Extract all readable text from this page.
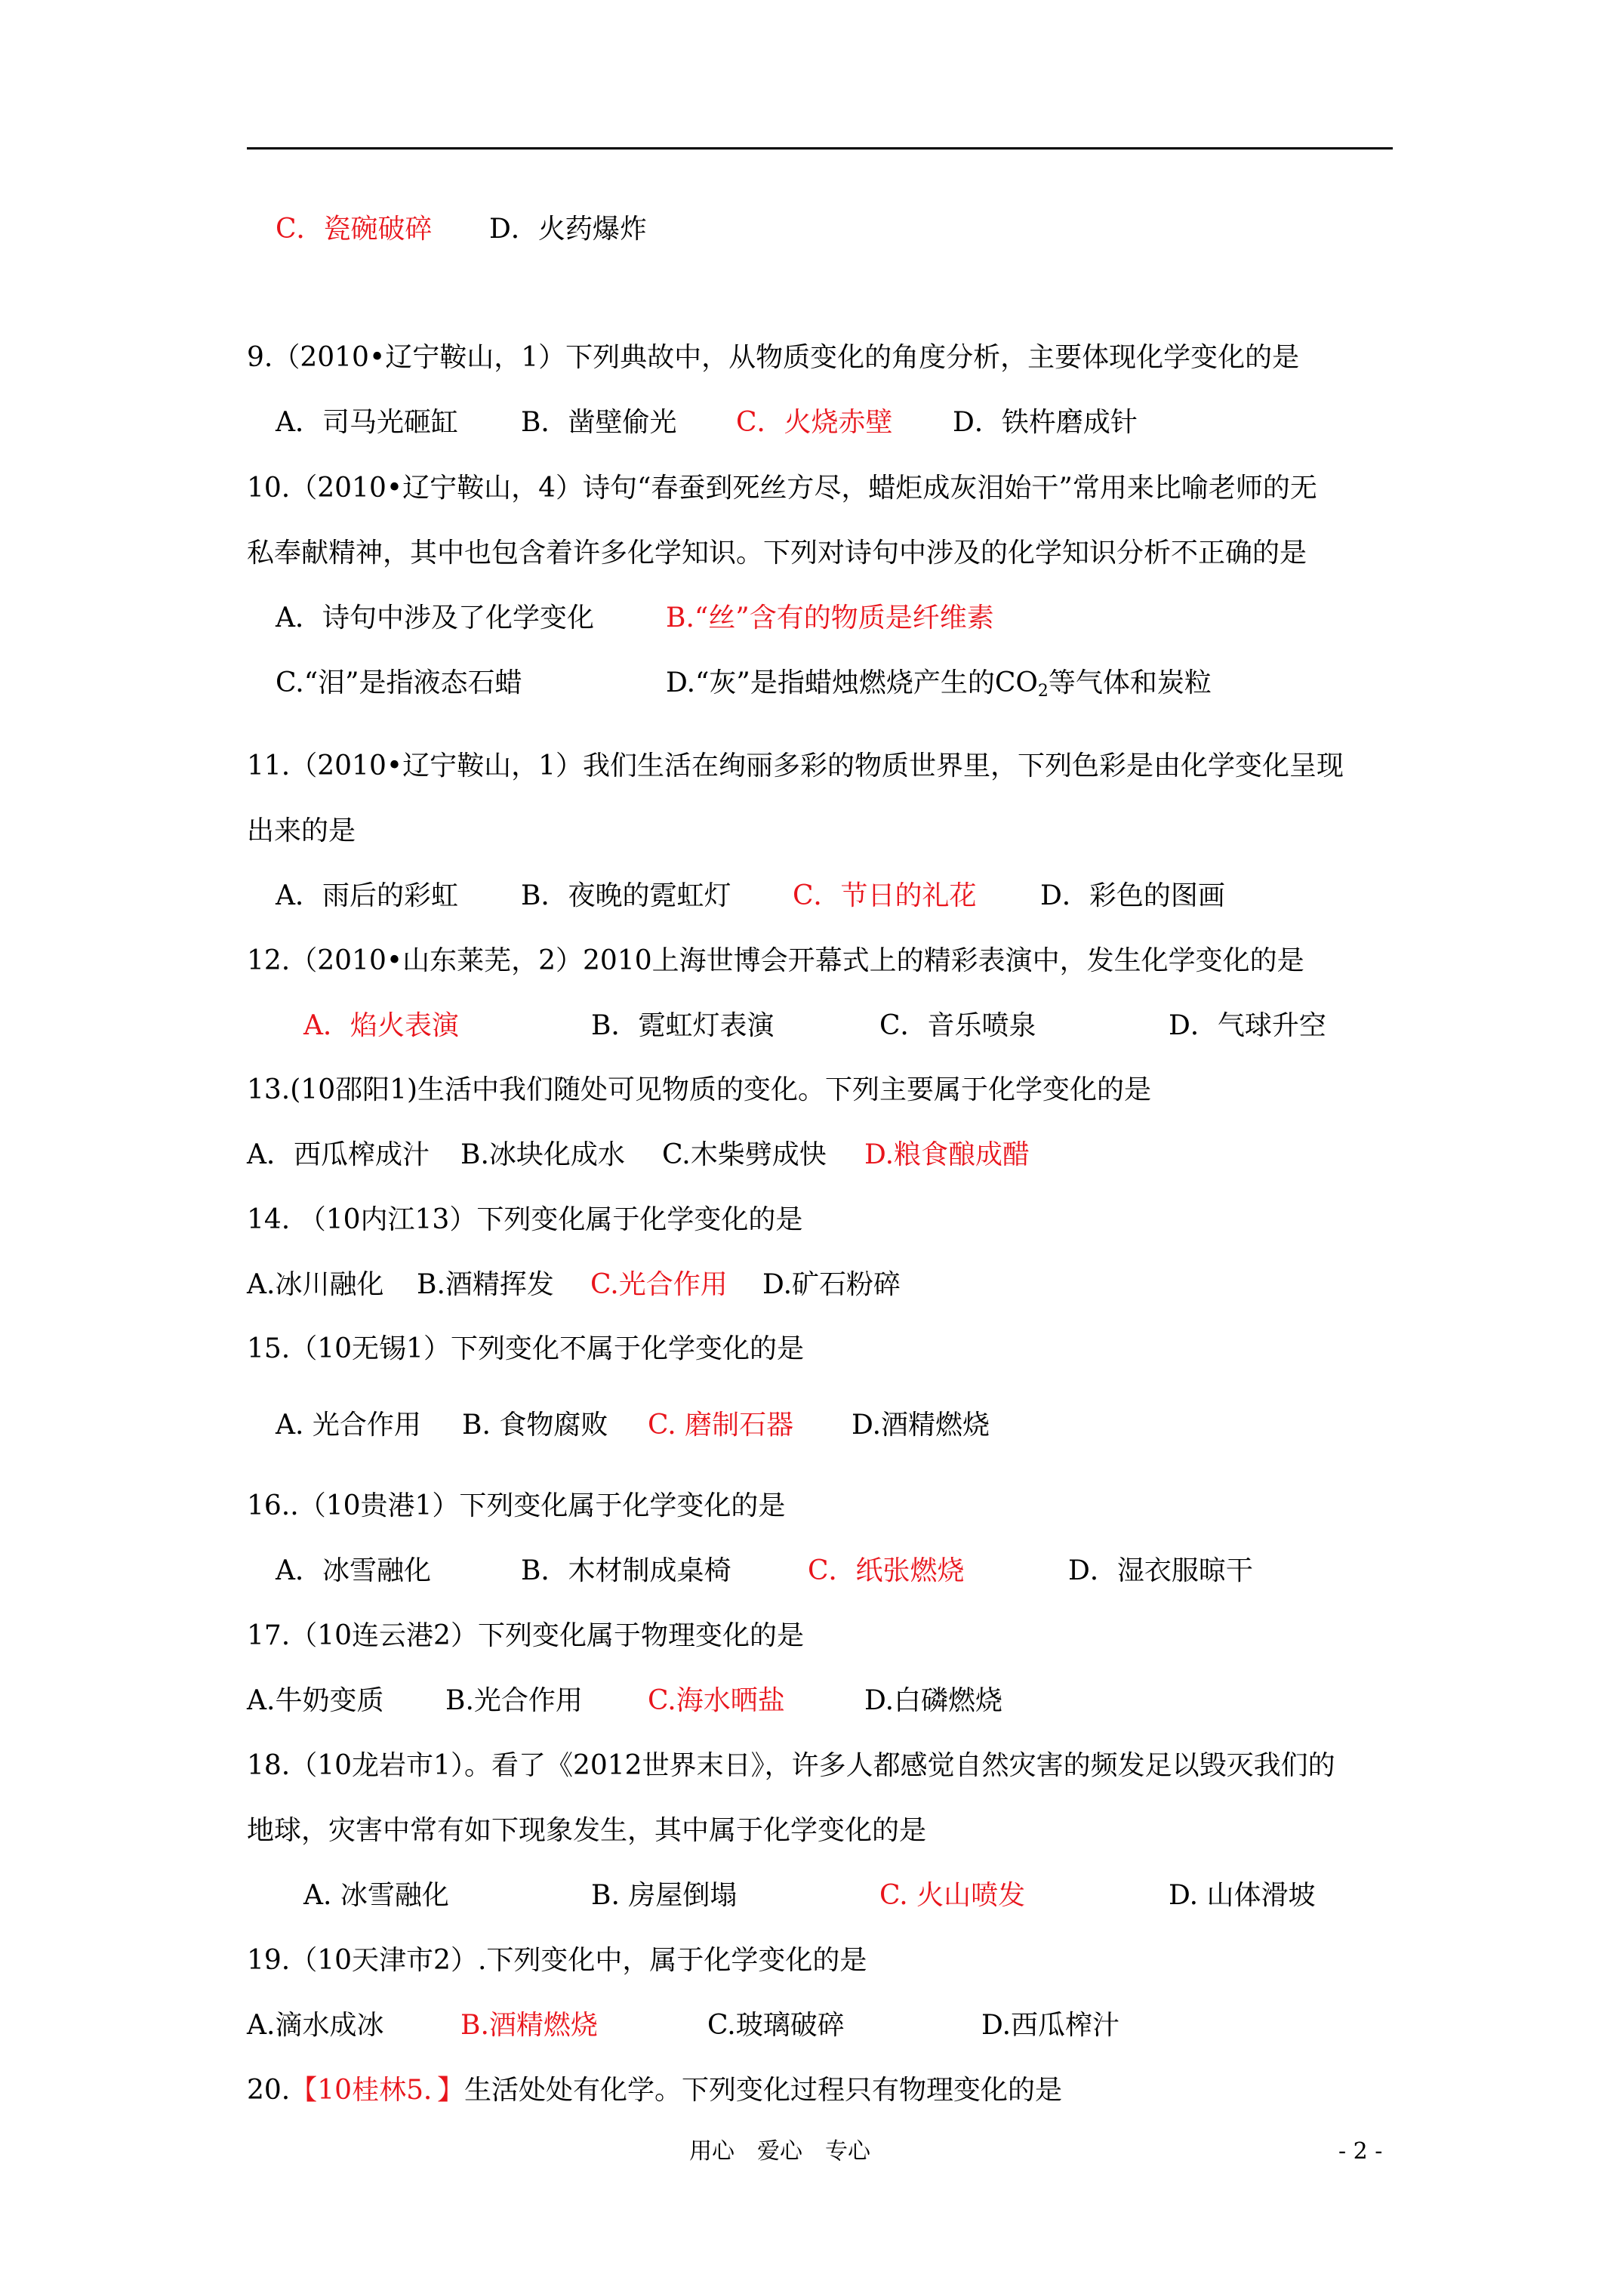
C．瓷碗破碎 D．火药爆炸
9.（2010•辽宁鞍山，1）下列典故中，从物质变化的角度分析，主要体现化学变化的是
A．司马光砸缸 B．凿壁偷光 C．火烧赤壁 D．铁杵磨成针
10.（2010•辽宁鞍山，4）诗句“春蚕到死丝方尽，蜡炬成灰泪始干”常用来比喻老师的无
私奉献精神，其中也包含着许多化学知识。下列对诗句中涉及的化学知识分析不正确的是
A．诗句中涉及了化学变化	B.“丝”含有的物质是纤维素
C.“泪”是指液态石蜡	D.“灰”是指蜡烛燃烧产生的$CO_2$等气体和炭粒
11.（2010•辽宁鞍山，1）我们生活在绚丽多彩的物质世界里，下列色彩是由化学变化呈现
出来的是
A．雨后的彩虹 B．夜晚的霓虹灯 C．节日的礼花 D．彩色的图画
12.（2010•山东莱芜，2）2010上海世博会开幕式上的精彩表演中，发生化学变化的是
A．焰火表演	B．霓虹灯表演	C．音乐喷泉	D．气球升空
13.(10邵阳1)生活中我们随处可见物质的变化。下列主要属于化学变化的是
A．西瓜榨成汁 B.冰块化成水 C.木柴劈成快 D.粮食酿成醋
14. （10内江13）下列变化属于化学变化的是
A.冰川融化 B.酒精挥发 C.光合作用 D.矿石粉碎
15.（10无锡1）下列变化不属于化学变化的是
A. 光合作用 B. 食物腐败 C. 磨制石器 D.酒精燃烧
16..（10贵港1）下列变化属于化学变化的是
A．冰雪融化	B．木材制成桌椅	C．纸张燃烧	D．湿衣服晾干
17.（10连云港2）下列变化属于物理变化的是
A.牛奶变质 B.光合作用 C.海水晒盐	D.白磷燃烧
18.（10龙岩市1）。看了《2012世界末日》，许多人都感觉自然灾害的频发足以毁灭我们的
地球，灾害中常有如下现象发生，其中属于化学变化的是
A. 冰雪融化	B. 房屋倒塌	C. 火山喷发	D. 山体滑坡
19.（10天津市2）.下列变化中，属于化学变化的是
A.滴水成冰	B.酒精燃烧	C.玻璃破碎	D.西瓜榨汁
20.【10桂林5．】生活处处有化学。下列变化过程只有物理变化的是
用心　爱心　专心	- 2 -
